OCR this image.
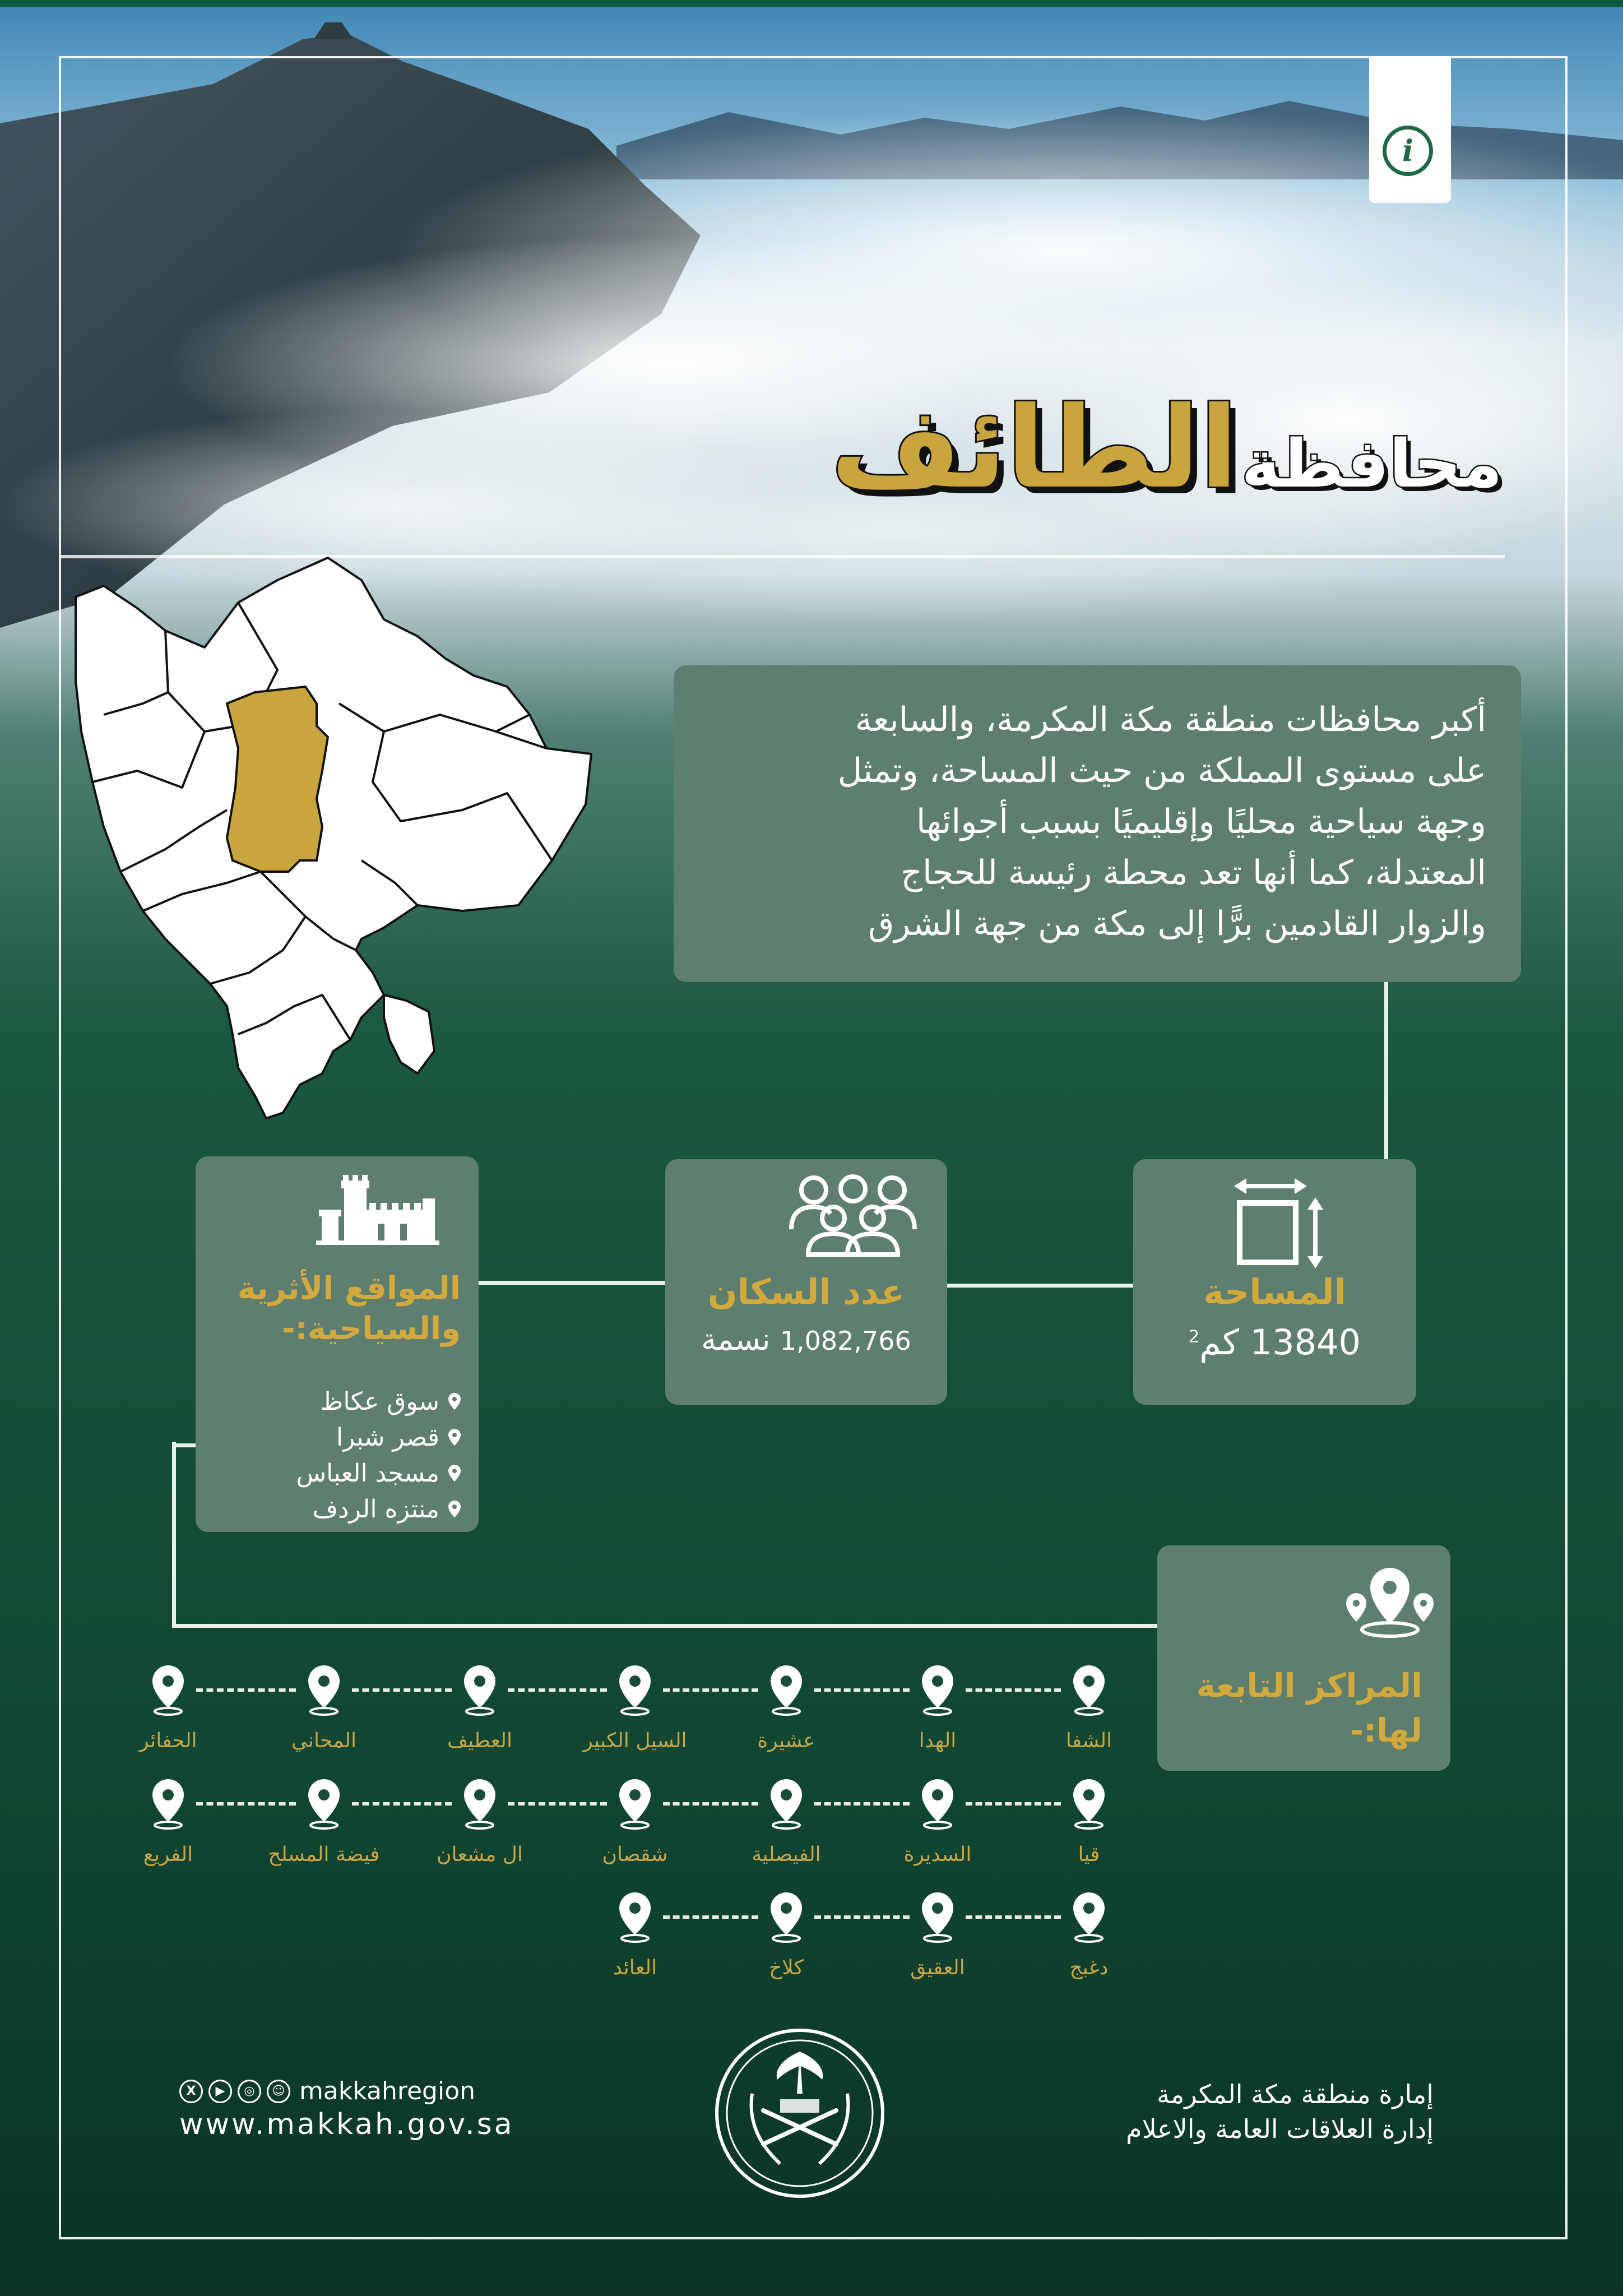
i
محافظة الطائف

أكبر محافظات منطقة مكة المكرمة، والسابعة

على مستوى المملكة من حيث المساحة، وتمثل

وجهة سياحية محليًا وإقليميًا بسبب أجوائها

المعتدلة، كما أنها تعد محطة رئيسة للحجاج

والزوار القادمين برًّا إلى مكة من جهة الشرق

المساحة
13840 كم$^2$
عدد السكان
1,082,766 نسمة
المواقع الأثرية
والسياحية:-
سوق عكاظ
قصر شبرا
مسجد العباس
منتزه الردف
المراكز التابعة
لها:-
الشفا
الهدا
عشيرة
السيل الكبير
العطيف
المحاني
الحفائر
قيا
السديرة
الفيصلية
شقصان
ال مشعان
فيضة المسلح
الفريع
دغبج
العقيق
كلاخ
العائد
إمارة منطقة مكة المكرمة
إدارة العلاقات العامة والاعلام
X	▶	◎	☺ makkahregion
www.makkah.gov.sa
